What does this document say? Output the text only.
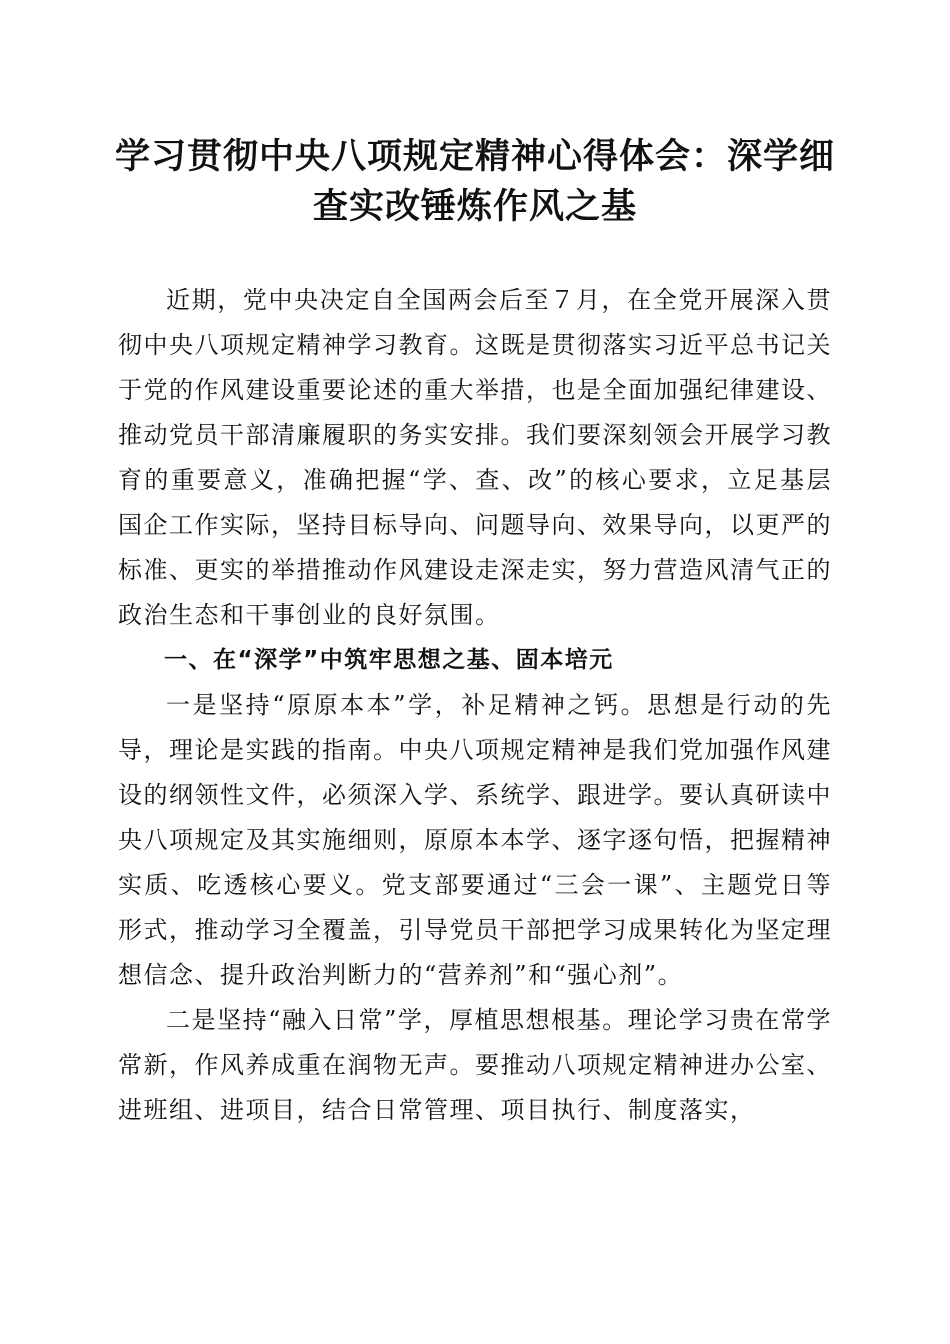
学习贯彻中央八项规定精神心得体会：深学细
查实改锤炼作风之基

近期，党中央决定自全国两会后至７月，在全党开展深入贯彻中央八项规定精神学习教育。这既是贯彻落实习近平总书记关于党的作风建设重要论述的重大举措，也是全面加强纪律建设、推动党员干部清廉履职的务实安排。我们要深刻领会开展学习教育的重要意义，准确把握“学、查、改”的核心要求，立足基层国企工作实际，坚持目标导向、问题导向、效果导向，以更严的标准、更实的举措推动作风建设走深走实，努力营造风清气正的政治生态和干事创业的良好氛围。

一、在“深学”中筑牢思想之基、固本培元

一是坚持“原原本本”学，补足精神之钙。思想是行动的先导，理论是实践的指南。中央八项规定精神是我们党加强作风建设的纲领性文件，必须深入学、系统学、跟进学。要认真研读中央八项规定及其实施细则，原原本本学、逐字逐句悟，把握精神实质、吃透核心要义。党支部要通过“三会一课”、主题党日等形式，推动学习全覆盖，引导党员干部把学习成果转化为坚定理想信念、提升政治判断力的“营养剂”和“强心剂”。

二是坚持“融入日常”学，厚植思想根基。理论学习贵在常学常新，作风养成重在润物无声。要推动八项规定精神进办公室、进班组、进项目，结合日常管理、项目执行、制度落实，
